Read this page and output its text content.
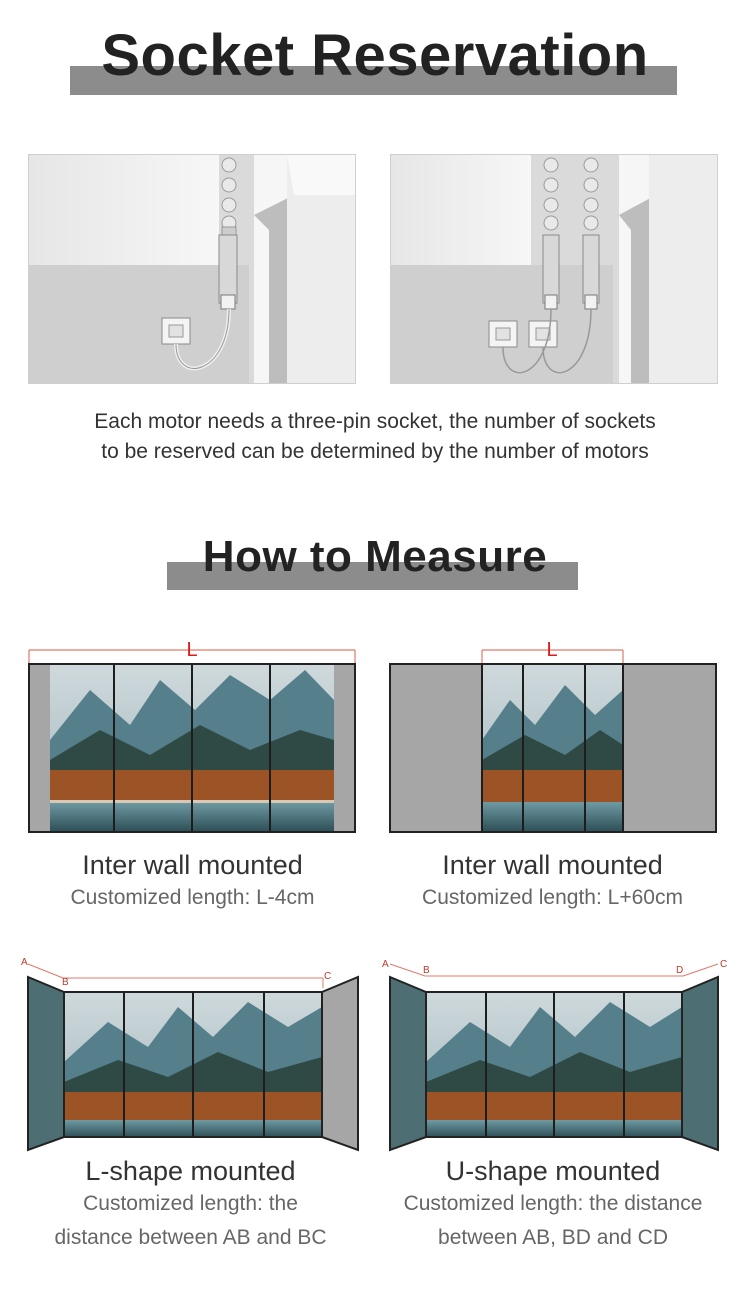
Socket Reservation
Each motor needs a three-pin socket, the number of sockets
to be reserved can be determined by the number of motors
How to Measure
L
Inter wall mounted
Customized length: L-4cm
L
Inter wall mounted
Customized length: L+60cm
A
B
C
L-shape mounted
Customized length: the
distance between AB and BC
A
B	D
C
U-shape mounted
Customized length: the distance
between AB, BD and CD
